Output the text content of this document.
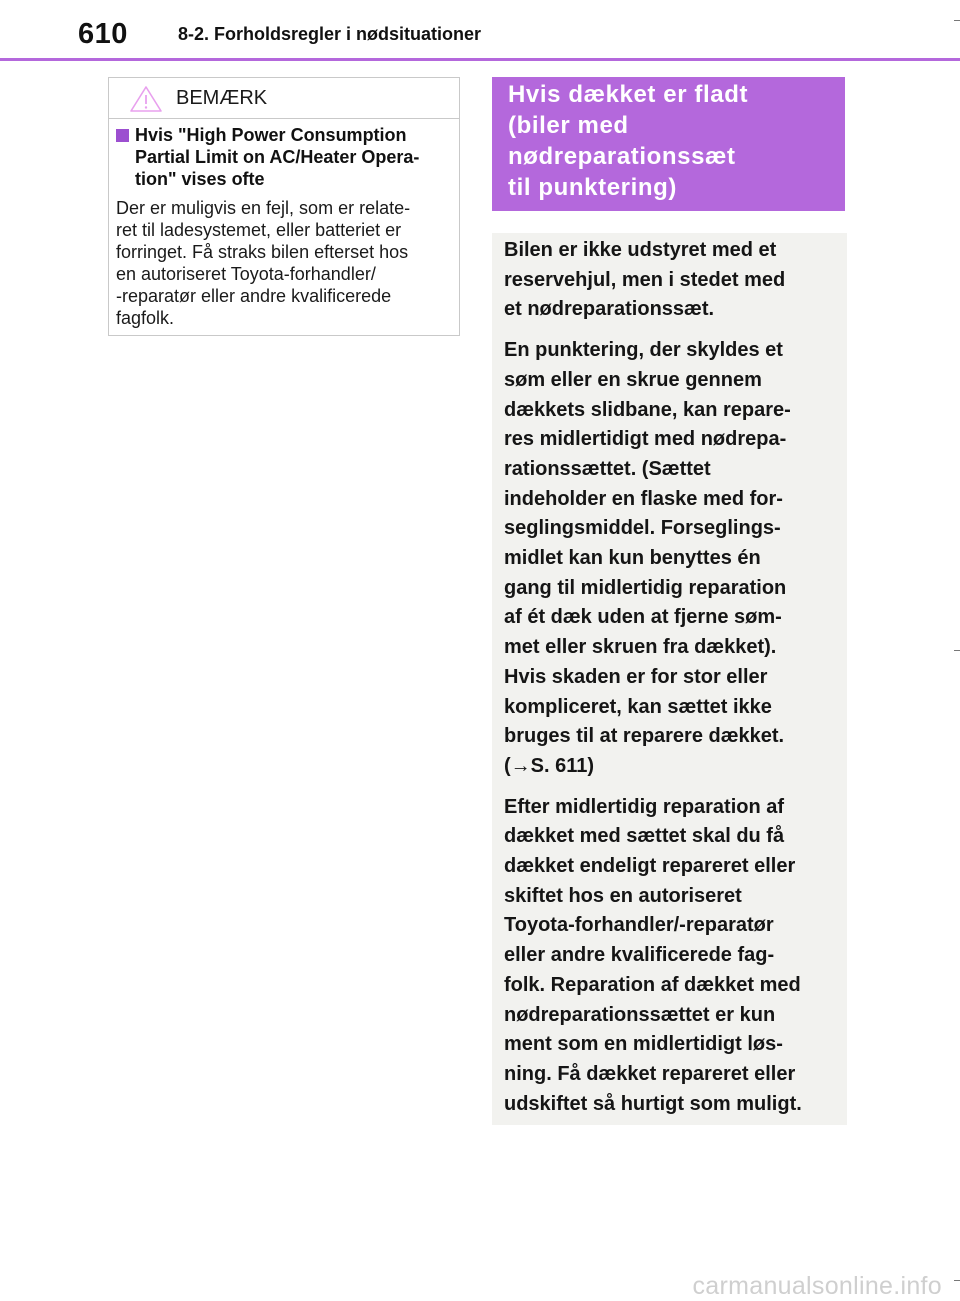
610	8-2. Forholdsregler i nødsituationer
BEMÆRK
Hvis "High Power Consumption
Partial Limit on AC/Heater Opera-
tion" vises ofte
Der er muligvis en fejl, som er relate-
ret til ladesystemet, eller batteriet er
forringet. Få straks bilen efterset hos
en autoriseret Toyota-forhandler/
-reparatør eller andre kvalificerede
fagfolk.
Hvis dækket er fladt
(biler med
nødreparationssæt
til punktering)
Bilen er ikke udstyret med et
reservehjul, men i stedet med
et nødreparationssæt.
En punktering, der skyldes et
søm eller en skrue gennem
dækkets slidbane, kan repare-
res midlertidigt med nødrepa-
rationssættet. (Sættet
indeholder en flaske med for-
seglingsmiddel. Forseglings-
midlet kan kun benyttes én
gang til midlertidig reparation
af ét dæk uden at fjerne søm-
met eller skruen fra dækket).
Hvis skaden er for stor eller
kompliceret, kan sættet ikke
bruges til at reparere dækket.
(→S. 611)
Efter midlertidig reparation af
dækket med sættet skal du få
dækket endeligt repareret eller
skiftet hos en autoriseret
Toyota-forhandler/-reparatør
eller andre kvalificerede fag-
folk. Reparation af dækket med
nødreparationssættet er kun
ment som en midlertidigt løs-
ning. Få dækket repareret eller
udskiftet så hurtigt som muligt.
carmanualsonline.info
